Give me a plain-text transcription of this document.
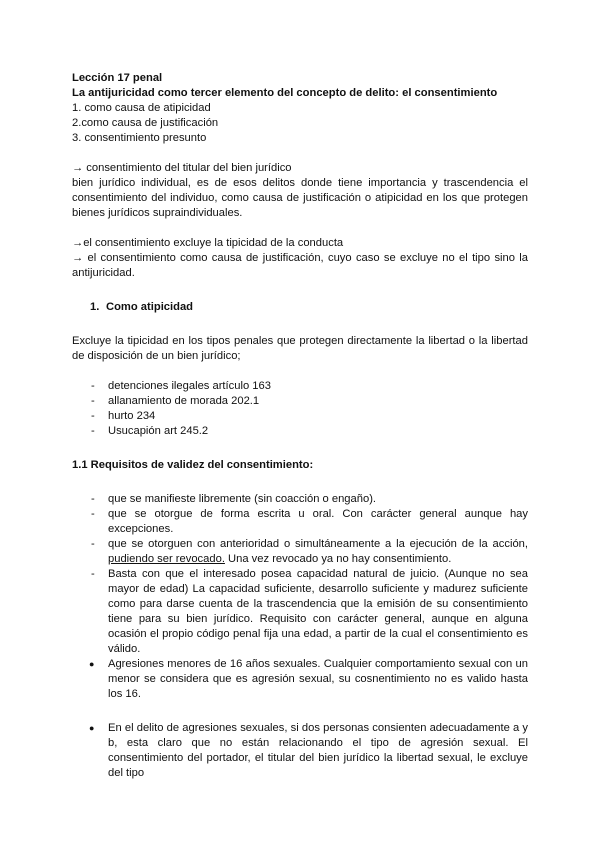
Lección 17 penal

La antijuricidad como tercer elemento del concepto de delito: el consentimiento

1. como causa de atipicidad

2.como causa de justificación

3. consentimiento presunto

→ consentimiento del titular del bien jurídico

bien jurídico individual, es de esos delitos donde tiene importancia y trascendencia el consentimiento del individuo, como causa de justificación o atipicidad en los que protegen bienes jurídicos supraindividuales.

→el consentimiento excluye la tipicidad de la conducta

→ el consentimiento como causa de justificación, cuyo caso se excluye no el tipo sino la antijuricidad.

1. Como atipicidad

Excluye la tipicidad en los tipos penales que protegen directamente la libertad o la libertad de disposición de un bien jurídico;

- detenciones ilegales artículo 163
- allanamiento de morada 202.1
- hurto 234
- Usucapión art 245.2

1.1 Requisitos de validez del consentimiento:

- que se manifieste libremente (sin coacción o engaño).
- que se otorgue de forma escrita u oral. Con carácter general aunque hay excepciones.
- que se otorguen con anterioridad o simultáneamente a la ejecución de la acción, pudiendo ser revocado. Una vez revocado ya no hay consentimiento.
- Basta con que el interesado posea capacidad natural de juicio. (Aunque no sea mayor de edad) La capacidad suficiente, desarrollo suficiente y madurez suficiente como para darse cuenta de la trascendencia que la emisión de su consentimiento tiene para su bien jurídico. Requisito con carácter general, aunque en alguna ocasión el propio código penal fija una edad, a partir de la cual el consentimiento es válido.
● Agresiones menores de 16 años sexuales. Cualquier comportamiento sexual con un menor se considera que es agresión sexual, su cosnentimiento no es valido hasta los 16.
● En el delito de agresiones sexuales, si dos personas consienten adecuadamente a y b, esta claro que no están relacionando el tipo de agresión sexual. El consentimiento del portador, el titular del bien jurídico la libertad sexual, le excluye del tipo
